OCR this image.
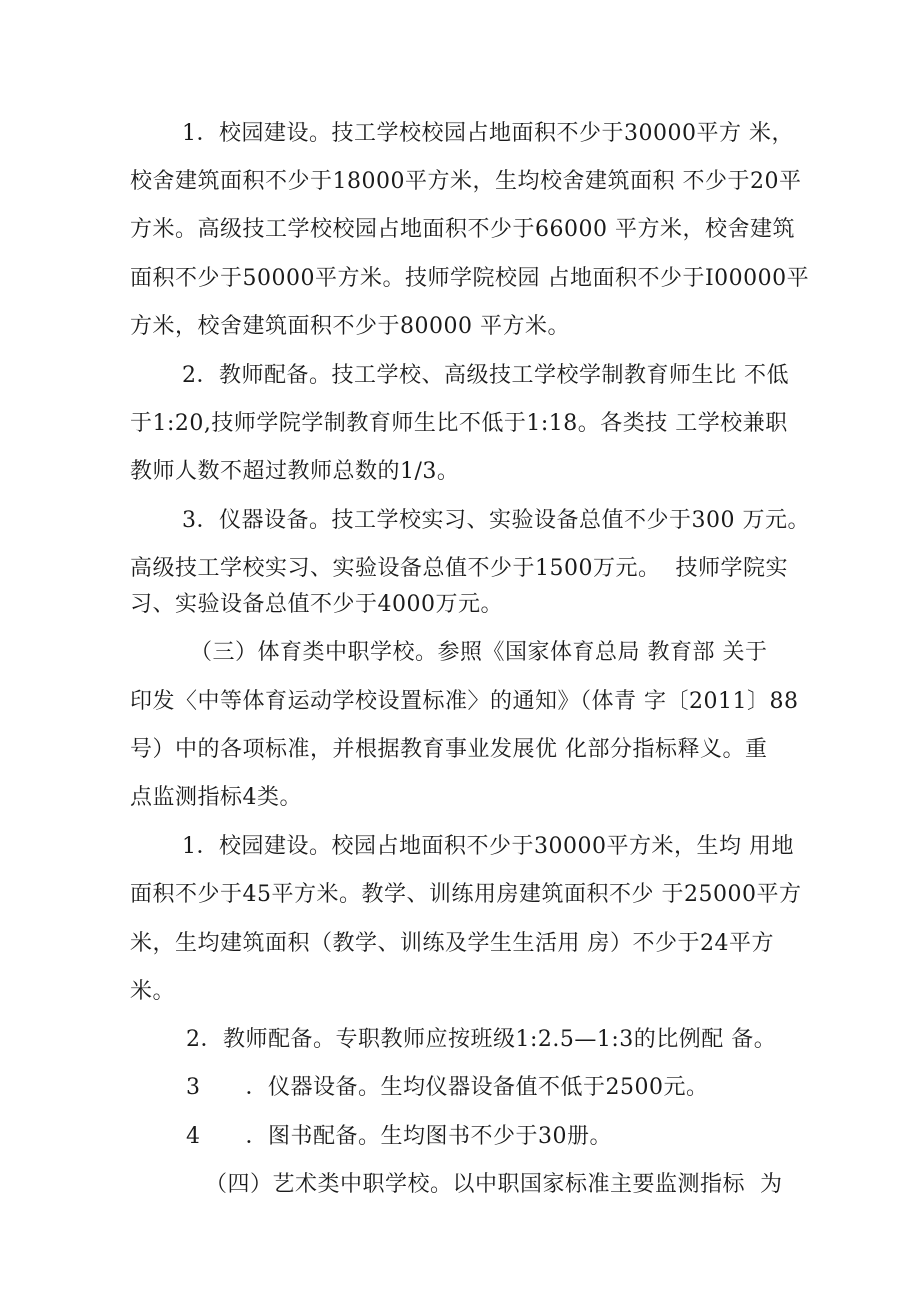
1．校园建设。技工学校校园占地面积不少于30000平方 米，
校舍建筑面积不少于18000平方米，生均校舍建筑面积 不少于20平
方米。高级技工学校校园占地面积不少于66000 平方米，校舍建筑
面积不少于50000平方米。技师学院校园 占地面积不少于I00000平
方米，校舍建筑面积不少于80000 平方米。
2．教师配备。技工学校、高级技工学校学制教育师生比 不低
于1:20,技师学院学制教育师生比不低于1:18。各类技 工学校兼职
教师人数不超过教师总数的1/3。
3．仪器设备。技工学校实习、实验设备总值不少于300 万元。
高级技工学校实习、实验设备总值不少于1500万元。  技师学院实
习、实验设备总值不少于4000万元。
（三）体育类中职学校。参照《国家体育总局 教育部 关于
印发〈中等体育运动学校设置标准〉的通知》（体青 字〔2011〕88
号）中的各项标准，并根据教育事业发展优 化部分指标释义。重
点监测指标4类。
1．校园建设。校园占地面积不少于30000平方米，生均 用地
面积不少于45平方米。教学、训练用房建筑面积不少 于25000平方
米，生均建筑面积（教学、训练及学生生活用 房）不少于24平方
米。
2．教师配备。专职教师应按班级1:2.5—1:3的比例配 备。
3      ．仪器设备。生均仪器设备值不低于2500元。
4      ．图书配备。生均图书不少于30册。
（四）艺术类中职学校。以中职国家标准主要监测指标  为
